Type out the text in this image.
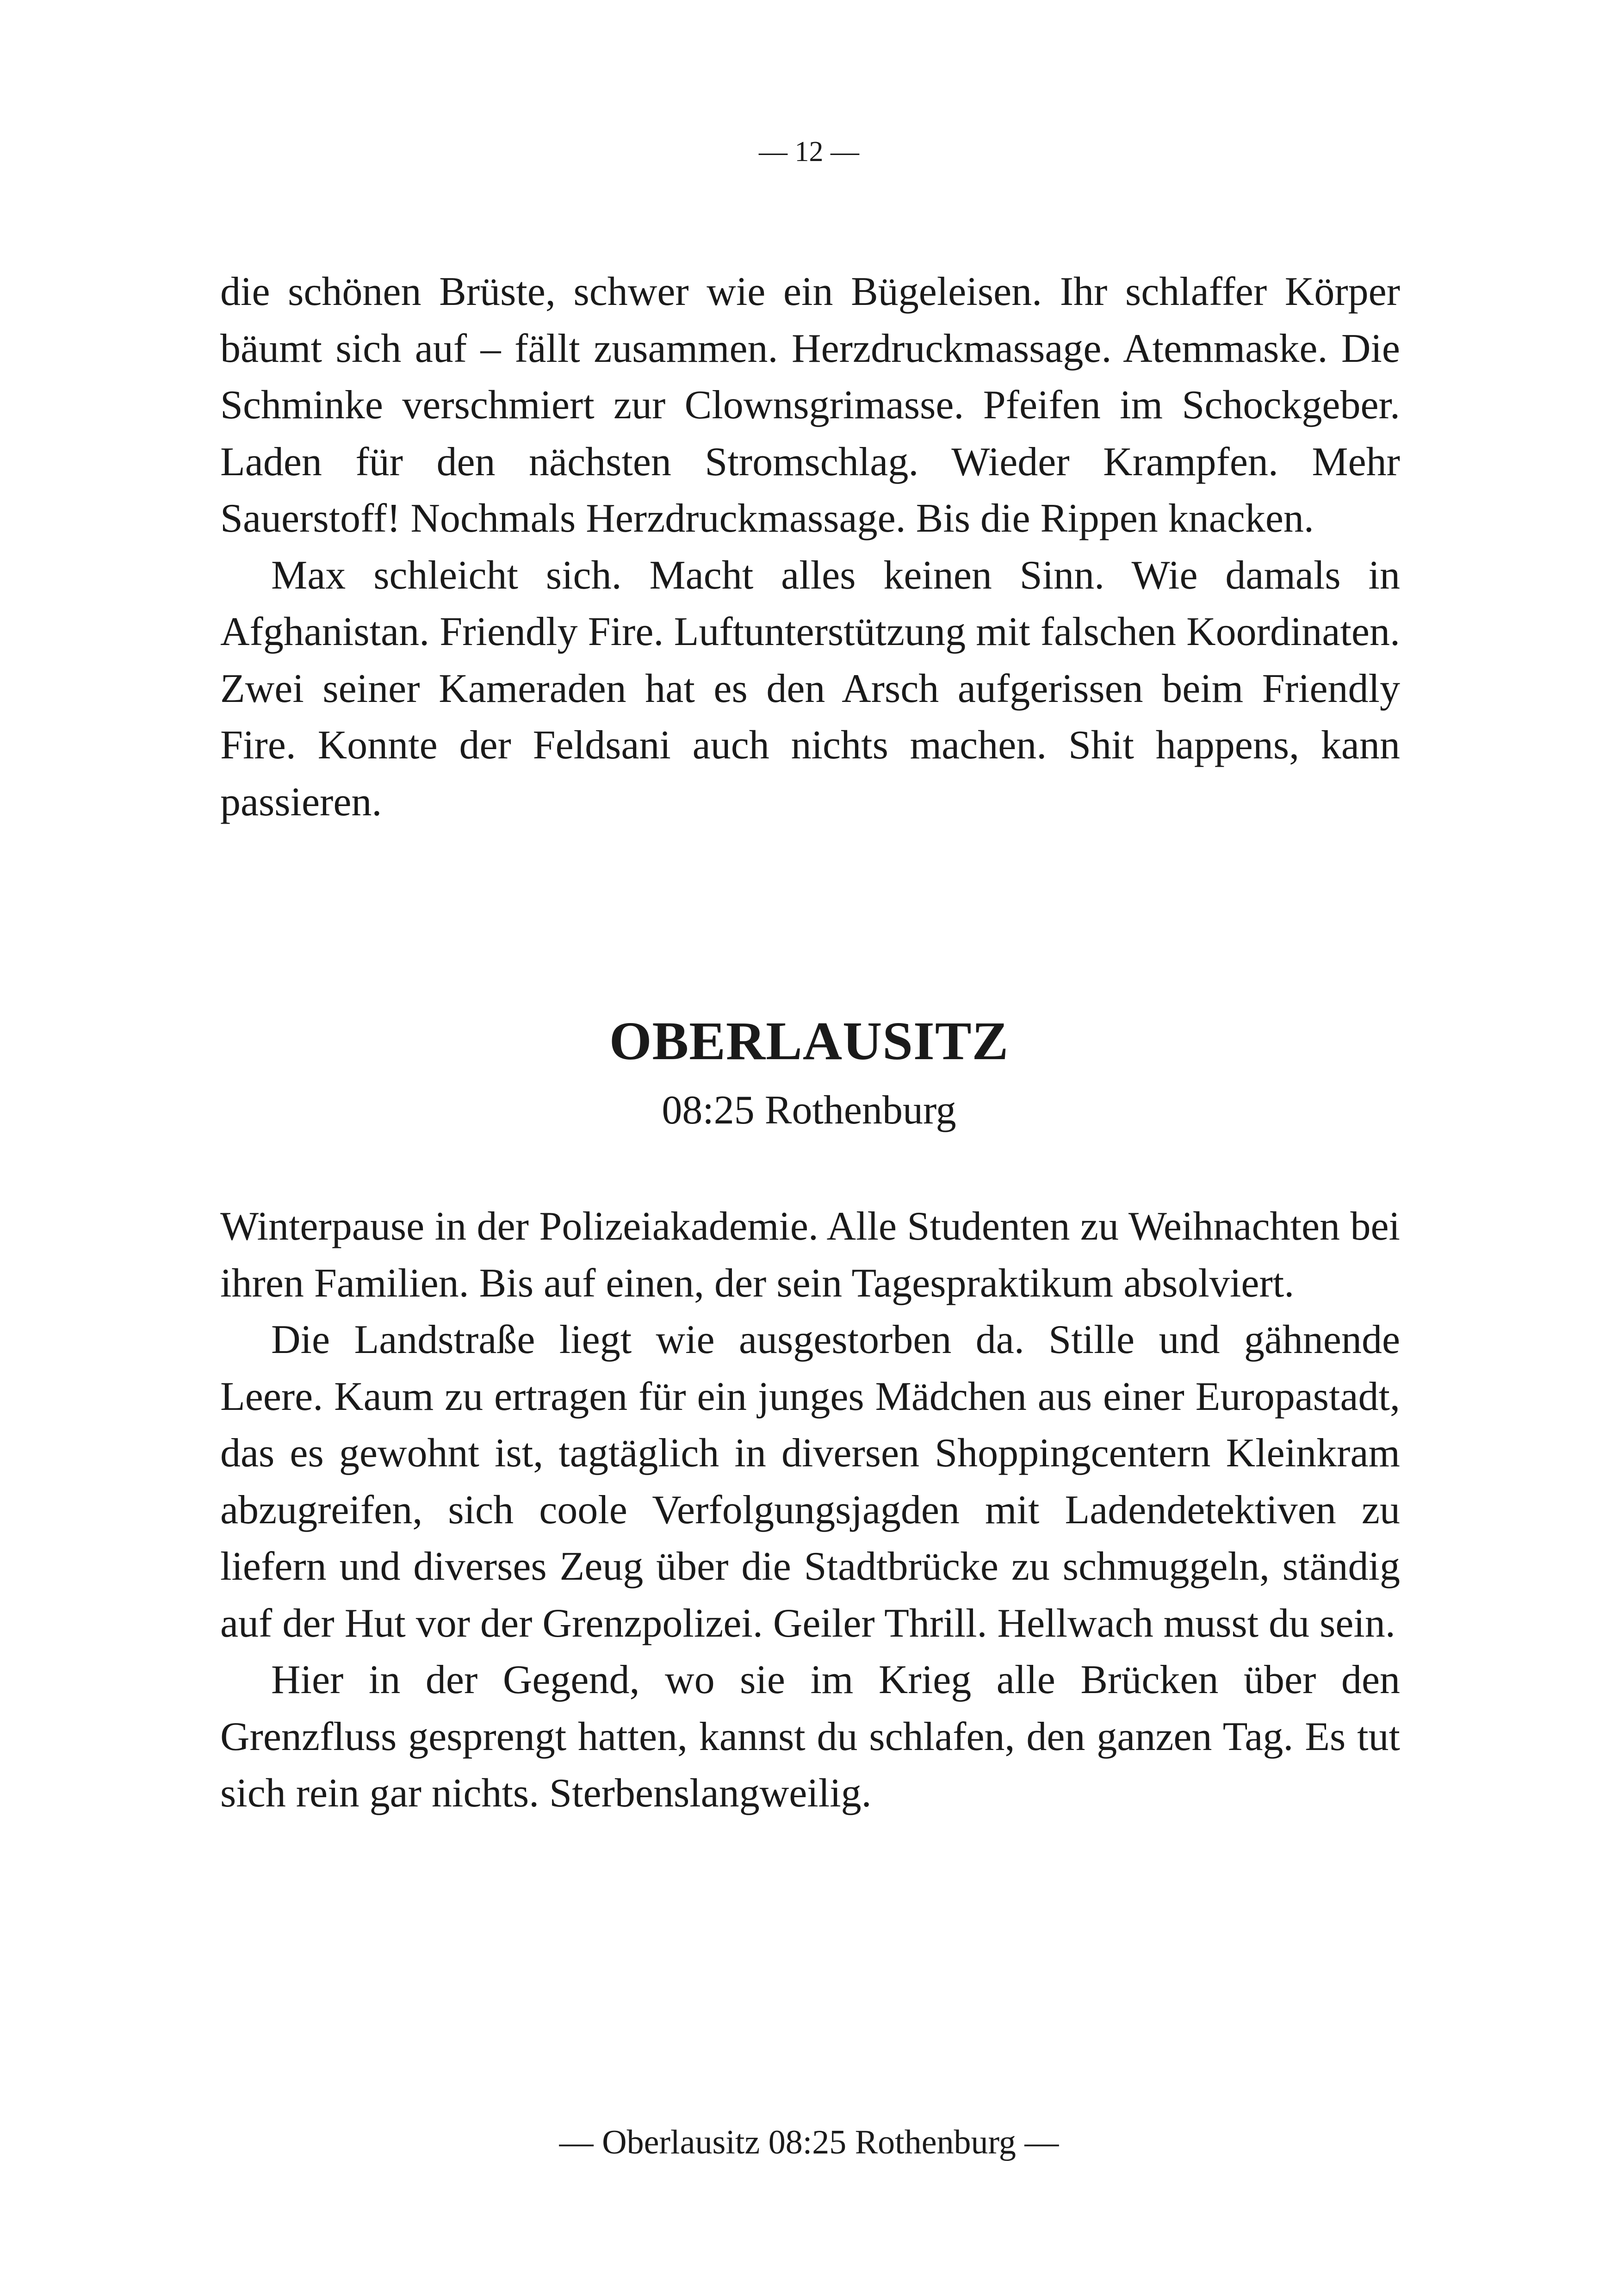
— 12 —

die schönen Brüste, schwer wie ein Bügeleisen. Ihr schlaffer Körper bäumt sich auf – fällt zusammen. Herzdruckmassage. Atemmaske. Die Schminke verschmiert zur Clownsgrimasse. Pfeifen im Schockgeber. Laden für den nächsten Stromschlag. Wieder Krampfen. Mehr Sauerstoff! Nochmals Herzdruckmassage. Bis die Rippen knacken.

Max schleicht sich. Macht alles keinen Sinn. Wie damals in Afghanistan. Friendly Fire. Luftunterstützung mit falschen Koordinaten. Zwei seiner Kameraden hat es den Arsch aufgerissen beim Friendly Fire. Konnte der Feldsani auch nichts machen. Shit happens, kann passieren.

OBERLAUSITZ
08:25 Rothenburg

Winterpause in der Polizeiakademie. Alle Studenten zu Weihnachten bei ihren Familien. Bis auf einen, der sein Tagespraktikum absolviert.

Die Landstraße liegt wie ausgestorben da. Stille und gähnende Leere. Kaum zu ertragen für ein junges Mädchen aus einer Europastadt, das es gewohnt ist, tagtäglich in diversen Shoppingcentern Kleinkram abzugreifen, sich coole Verfolgungsjagden mit Ladendetektiven zu liefern und diverses Zeug über die Stadtbrücke zu schmuggeln, ständig auf der Hut vor der Grenzpolizei. Geiler Thrill. Hellwach musst du sein.

Hier in der Gegend, wo sie im Krieg alle Brücken über den Grenzfluss gesprengt hatten, kannst du schlafen, den ganzen Tag. Es tut sich rein gar nichts. Sterbenslangweilig.

— Oberlausitz 08:25 Rothenburg —
